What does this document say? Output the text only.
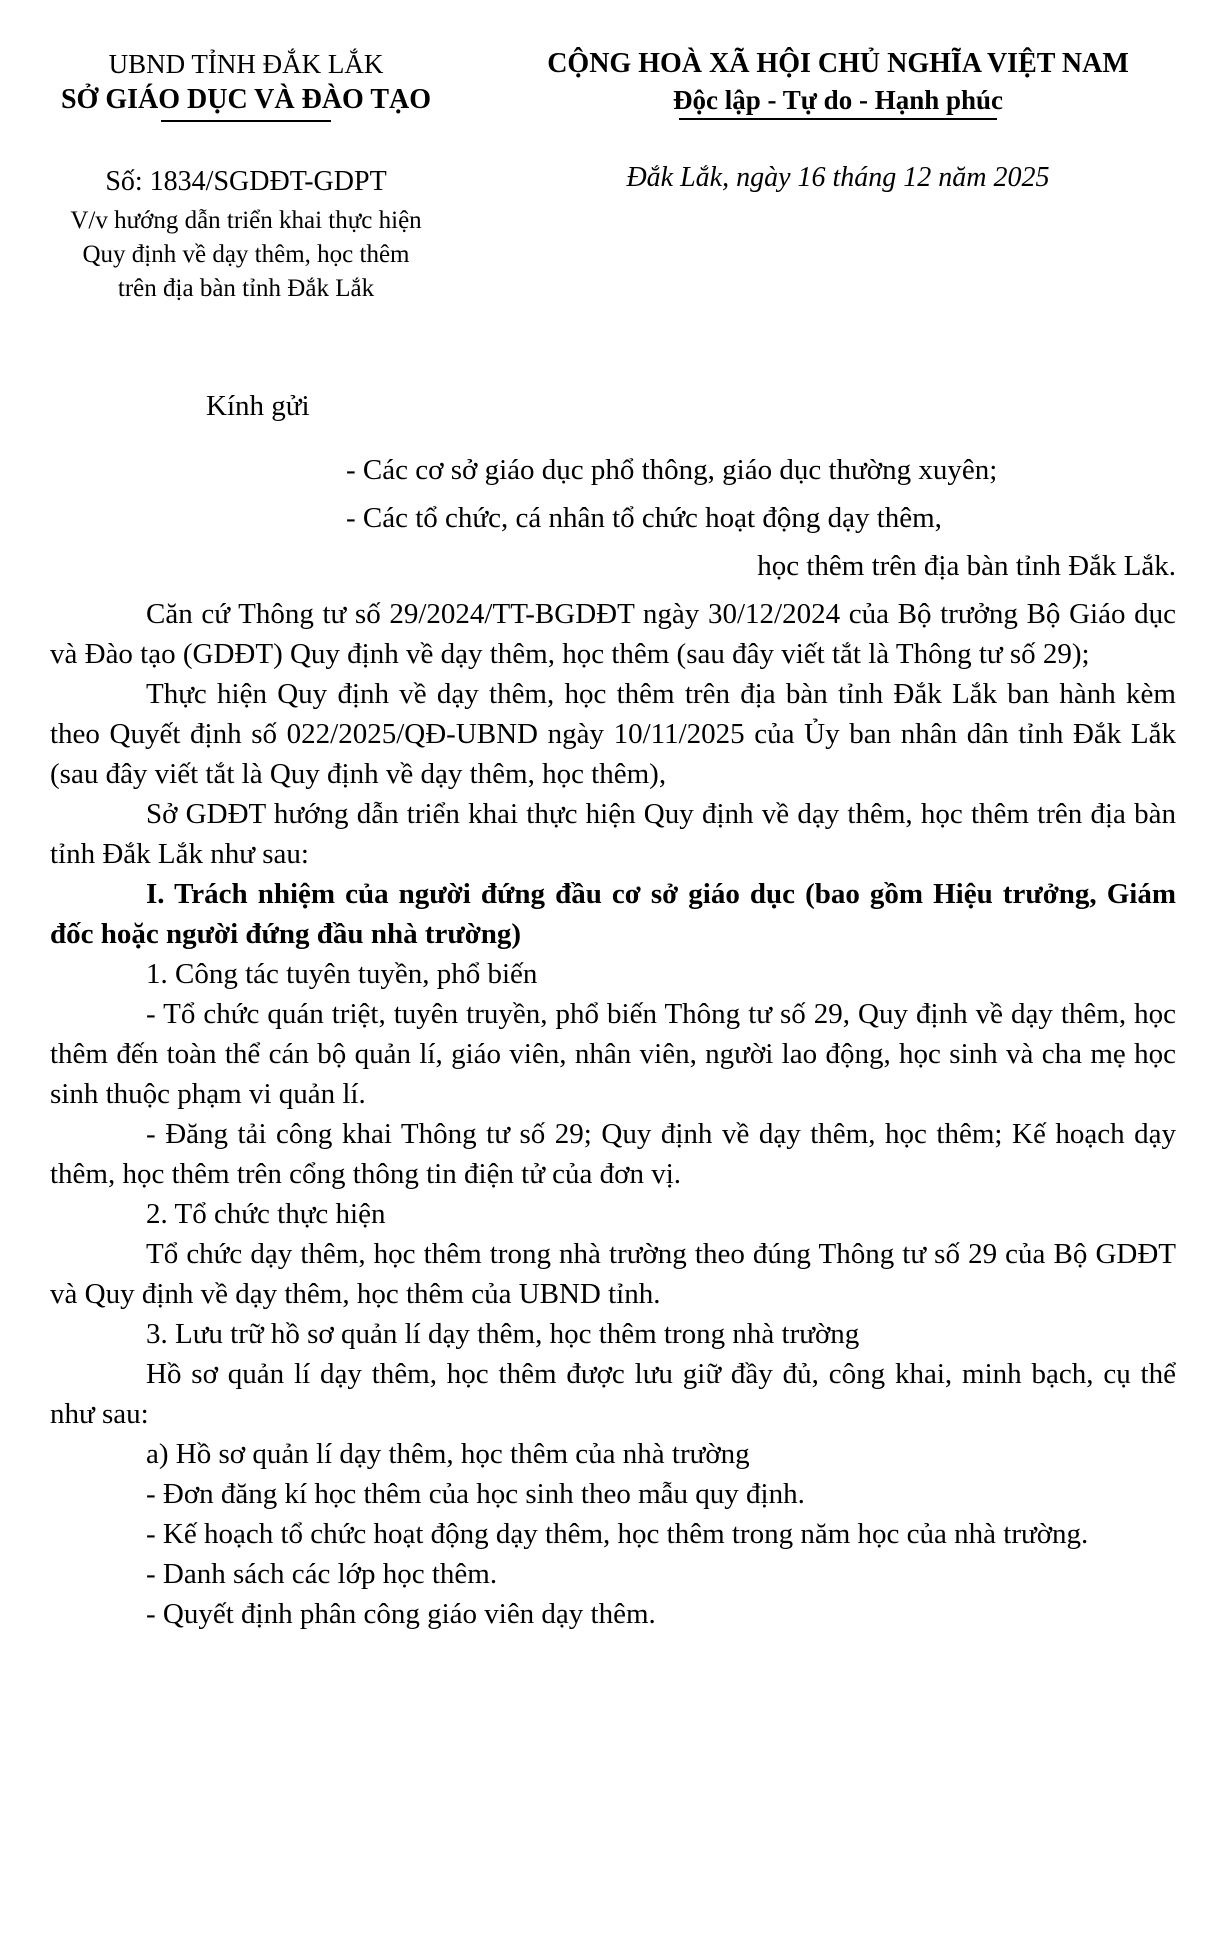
UBND TỈNH ĐẮK LẮK
SỞ GIÁO DỤC VÀ ĐÀO TẠO
CỘNG HOÀ XÃ HỘI CHỦ NGHĨA VIỆT NAM
Độc lập - Tự do - Hạnh phúc
Số: 1834/SGDĐT-GDPT
V/v hướng dẫn triển khai thực hiện
Quy định về dạy thêm, học thêm
trên địa bàn tỉnh Đắk Lắk
Đắk Lắk, ngày 16 tháng 12 năm 2025
Kính gửi
- Các cơ sở giáo dục phổ thông, giáo dục thường xuyên;
- Các tổ chức, cá nhân tổ chức hoạt động dạy thêm,
học thêm trên địa bàn tỉnh Đắk Lắk.

Căn cứ Thông tư số 29/2024/TT-BGDĐT ngày 30/12/2024 của Bộ trưởng Bộ Giáo dục và Đào tạo (GDĐT) Quy định về dạy thêm, học thêm (sau đây viết tắt là Thông tư số 29);

Thực hiện Quy định về dạy thêm, học thêm trên địa bàn tỉnh Đắk Lắk ban hành kèm theo Quyết định số 022/2025/QĐ-UBND ngày 10/11/2025 của Ủy ban nhân dân tỉnh Đắk Lắk (sau đây viết tắt là Quy định về dạy thêm, học thêm),

Sở GDĐT hướng dẫn triển khai thực hiện Quy định về dạy thêm, học thêm trên địa bàn tỉnh Đắk Lắk như sau:

I. Trách nhiệm của người đứng đầu cơ sở giáo dục (bao gồm Hiệu trưởng, Giám đốc hoặc người đứng đầu nhà trường)

1. Công tác tuyên tuyền, phổ biến

- Tổ chức quán triệt, tuyên truyền, phổ biến Thông tư số 29, Quy định về dạy thêm, học thêm đến toàn thể cán bộ quản lí, giáo viên, nhân viên, người lao động, học sinh và cha mẹ học sinh thuộc phạm vi quản lí.

- Đăng tải công khai Thông tư số 29; Quy định về dạy thêm, học thêm; Kế hoạch dạy thêm, học thêm trên cổng thông tin điện tử của đơn vị.

2. Tổ chức thực hiện

Tổ chức dạy thêm, học thêm trong nhà trường theo đúng Thông tư số 29 của Bộ GDĐT và Quy định về dạy thêm, học thêm của UBND tỉnh.

3. Lưu trữ hồ sơ quản lí dạy thêm, học thêm trong nhà trường

Hồ sơ quản lí dạy thêm, học thêm được lưu giữ đầy đủ, công khai, minh bạch, cụ thể như sau:

a) Hồ sơ quản lí dạy thêm, học thêm của nhà trường

- Đơn đăng kí học thêm của học sinh theo mẫu quy định.

- Kế hoạch tổ chức hoạt động dạy thêm, học thêm trong năm học của nhà trường.

- Danh sách các lớp học thêm.

- Quyết định phân công giáo viên dạy thêm.
